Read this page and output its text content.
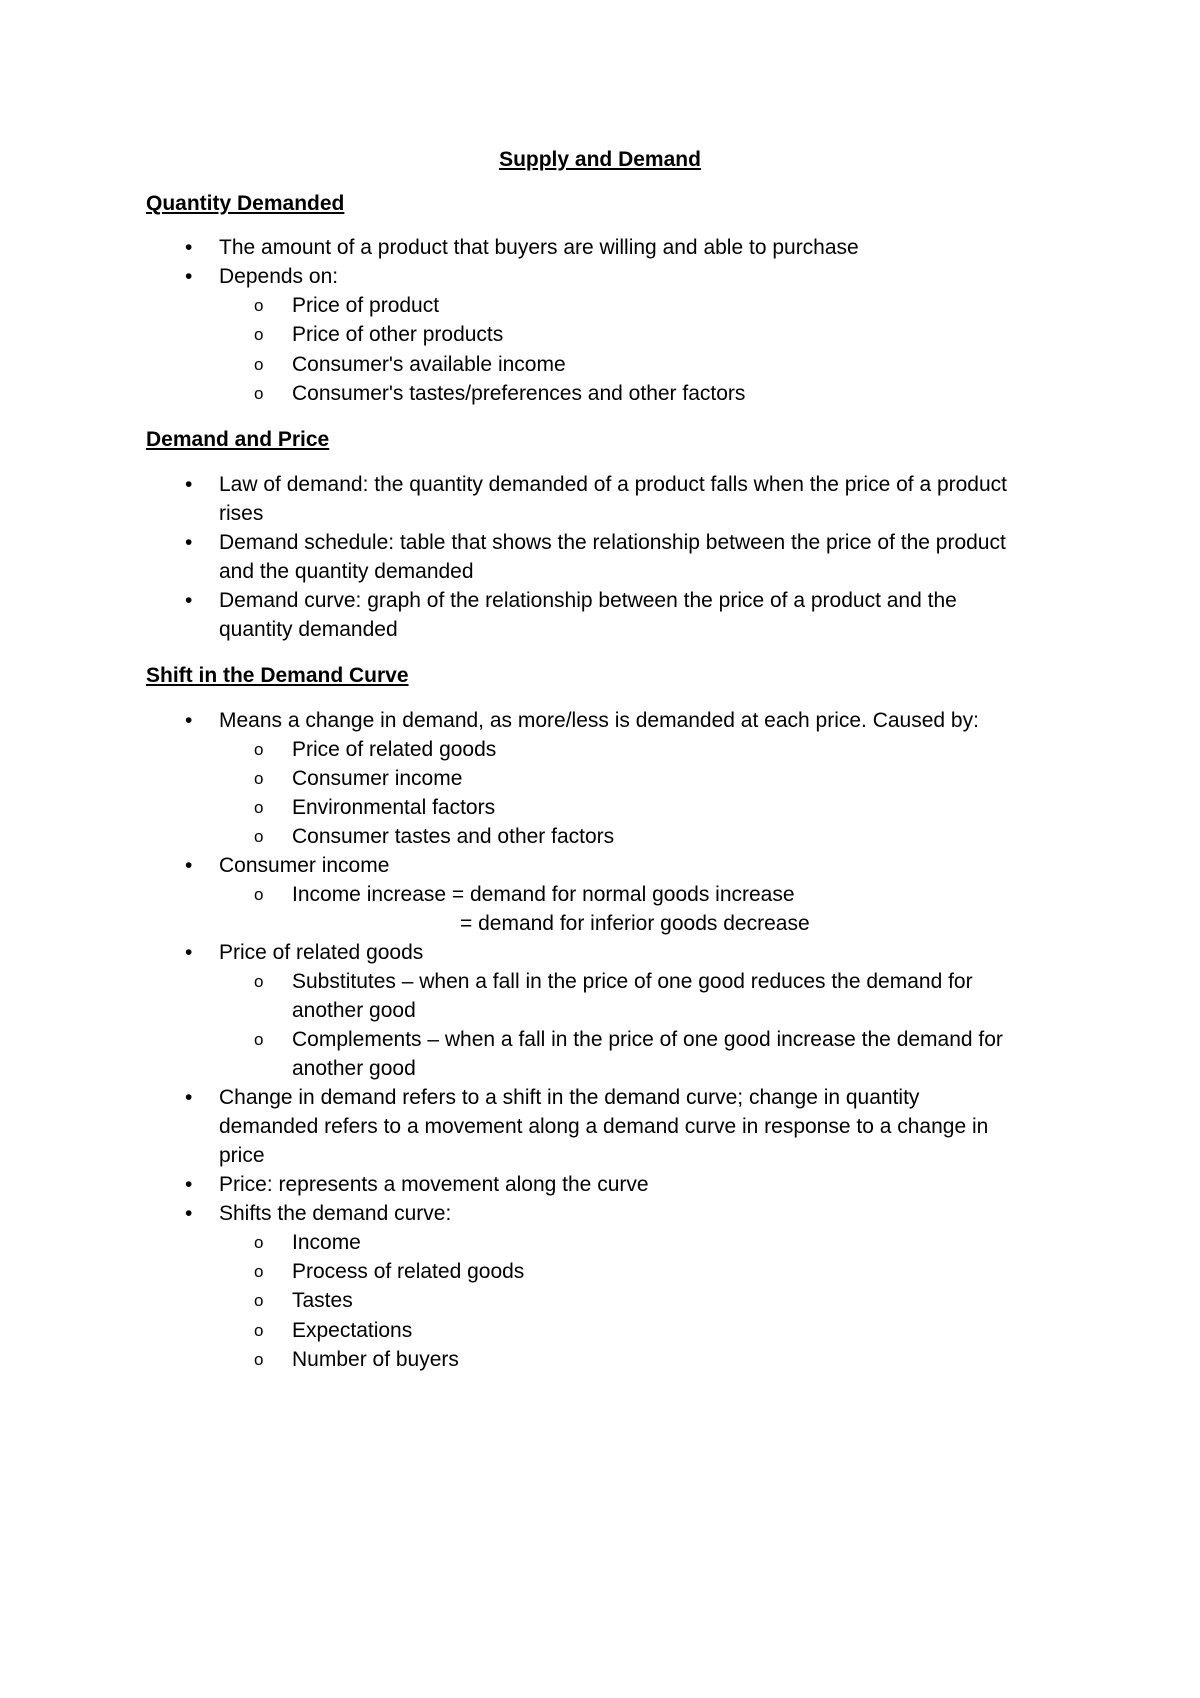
Supply and Demand
Quantity Demanded
• The amount of a product that buyers are willing and able to purchase
• Depends on:
o Price of product
o Price of other products
o Consumer's available income
o Consumer's tastes/preferences and other factors
Demand and Price
• Law of demand: the quantity demanded of a product falls when the price of a product
rises
• Demand schedule: table that shows the relationship between the price of the product
and the quantity demanded
• Demand curve: graph of the relationship between the price of a product and the
quantity demanded
Shift in the Demand Curve
• Means a change in demand, as more/less is demanded at each price. Caused by:
o Price of related goods
o Consumer income
o Environmental factors
o Consumer tastes and other factors
• Consumer income
o Income increase = demand for normal goods increase
= demand for inferior goods decrease
• Price of related goods
o Substitutes – when a fall in the price of one good reduces the demand for
another good
o Complements – when a fall in the price of one good increase the demand for
another good
• Change in demand refers to a shift in the demand curve; change in quantity
demanded refers to a movement along a demand curve in response to a change in
price
• Price: represents a movement along the curve
• Shifts the demand curve:
o Income
o Process of related goods
o Tastes
o Expectations
o Number of buyers
